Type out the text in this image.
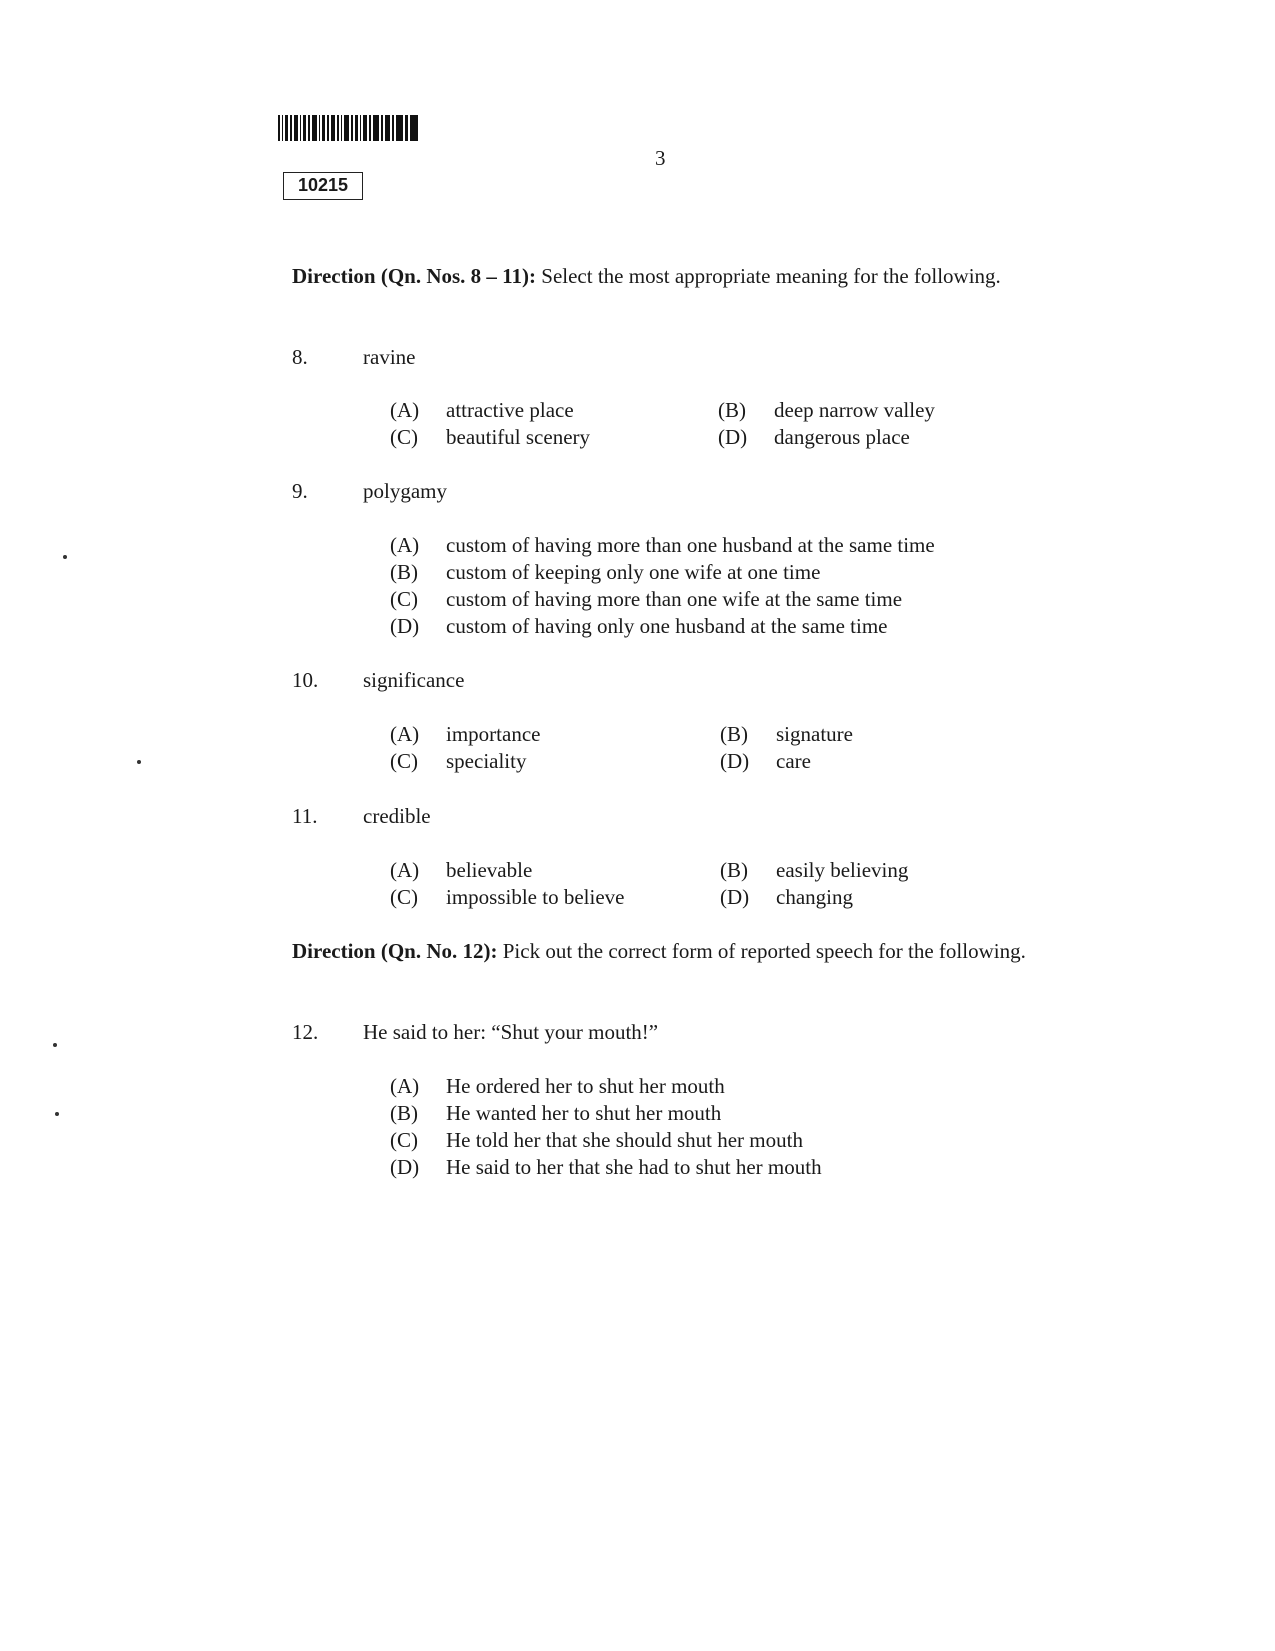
10215
3
Direction (Qn. Nos. 8 – 11): Select the most appropriate meaning for the following.
8.	ravine
(A) attractive place	(B) deep narrow valley
(C) beautiful scenery	(D) dangerous place
9.	polygamy
(A) custom of having more than one husband at the same time
(B) custom of keeping only one wife at one time
(C) custom of having more than one wife at the same time
(D) custom of having only one husband at the same time
10. significance
(A) importance	(B) signature
(C) speciality	(D) care
11. credible
(A) believable	(B) easily believing
(C) impossible to believe	(D) changing
Direction (Qn. No. 12): Pick out the correct form of reported speech for the following.
12. He said to her: “Shut your mouth!”
(A) He ordered her to shut her mouth
(B) He wanted her to shut her mouth
(C) He told her that she should shut her mouth
(D) He said to her that she had to shut her mouth
